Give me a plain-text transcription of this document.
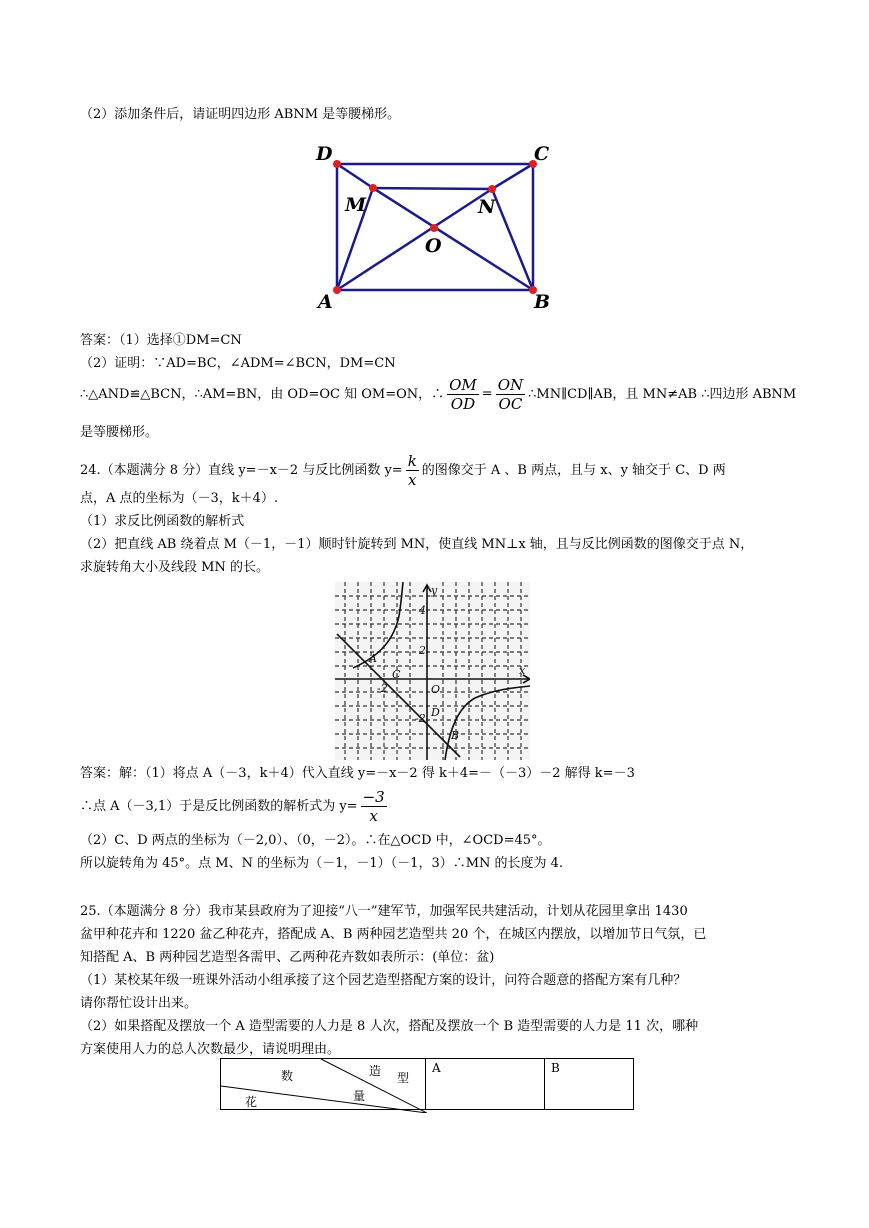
（2）添加条件后，请证明四边形 ABNM 是等腰梯形。
D	C
M	N
O
A	B
答案：（1）选择①DM=CN
（2）证明：∵AD=BC，∠ADM=∠BCN，DM=CN
∴△AND≌△BCN，∴AM=BN，由 OD=OC 知 OM=ON，∴ $\frac{OM}{OD} = \frac{ON}{OC}$ ∴MN∥CD∥AB，且 MN≠AB ∴四边形 ABNM
是等腰梯形。
24.（本题满分 8 分）直线 y=－x－2 与反比例函数 $y= \frac{k}{x}$ 的图像交于 A 、B 两点，且与 x、y 轴交于 C、D 两
点，A 点的坐标为（－3，k＋4）.
（1）求反比例函数的解析式
（2）把直线 AB 绕着点 M（－1，－1）顺时针旋转到 MN，使直线 MN⊥x 轴，且与反比例函数的图像交于点 N，
求旋转角大小及线段 MN 的长。
y
x
4
2
-2
-2	O
A
B
C
D
答案：解：（1）将点 A（－3，k＋4）代入直线 y=－x－2 得 k＋4=－（－3）－2 解得 k=－3
∴点 A（－3,1）于是反比例函数的解析式为 $y= \frac{-3}{x}$
（2）C、D 两点的坐标为（－2,0）、（0，－2）。∴在△OCD 中，∠OCD=45°。
所以旋转角为 45°。点 M、N 的坐标为（－1，－1）（－1，3）∴MN 的长度为 4.
25.（本题满分 8 分）我市某县政府为了迎接“八一”建军节，加强军民共建活动，计划从花园里拿出 1430
盆甲种花卉和 1220 盆乙种花卉，搭配成 A、B 两种园艺造型共 20 个，在城区内摆放，以增加节日气氛，已
知搭配 A、B 两种园艺造型各需甲、乙两种花卉数如表所示：(单位：盆)
（1）某校某年级一班课外活动小组承接了这个园艺造型搭配方案的设计，问符合题意的搭配方案有几种？
请你帮忙设计出来。
（2）如果搭配及摆放一个 A 造型需要的人力是 8 人次，搭配及摆放一个 B 造型需要的人力是 11 次，哪种
方案使用人力的总人次数最少，请说明理由。
数	造 型
量
花
	A	B
